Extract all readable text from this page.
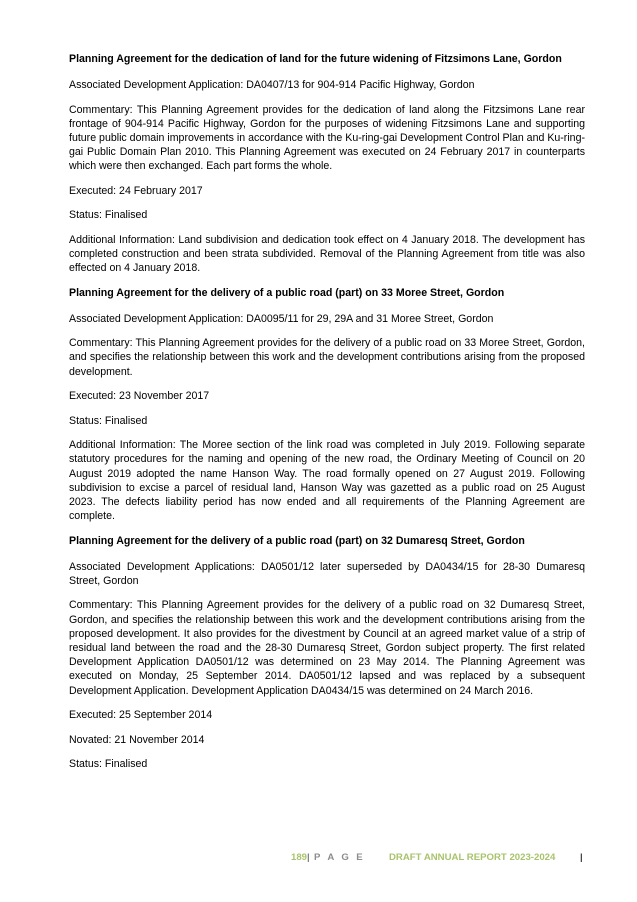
Planning Agreement for the dedication of land for the future widening of Fitzsimons Lane, Gordon

Associated Development Application: DA0407/13 for 904-914 Pacific Highway, Gordon

Commentary: This Planning Agreement provides for the dedication of land along the Fitzsimons Lane rear frontage of 904-914 Pacific Highway, Gordon for the purposes of widening Fitzsimons Lane and supporting future public domain improvements in accordance with the Ku-ring-gai Development Control Plan and Ku-ring-gai Public Domain Plan 2010. This Planning Agreement was executed on 24 February 2017 in counterparts which were then exchanged. Each part forms the whole.

Executed: 24 February 2017

Status: Finalised

Additional Information: Land subdivision and dedication took effect on 4 January 2018. The development has completed construction and been strata subdivided. Removal of the Planning Agreement from title was also effected on 4 January 2018.

Planning Agreement for the delivery of a public road (part) on 33 Moree Street, Gordon

Associated Development Application: DA0095/11 for 29, 29A and 31 Moree Street, Gordon

Commentary: This Planning Agreement provides for the delivery of a public road on 33 Moree Street, Gordon, and specifies the relationship between this work and the development contributions arising from the proposed development.

Executed: 23 November 2017

Status: Finalised

Additional Information: The Moree section of the link road was completed in July 2019. Following separate statutory procedures for the naming and opening of the new road, the Ordinary Meeting of Council on 20 August 2019 adopted the name Hanson Way. The road formally opened on 27 August 2019. Following subdivision to excise a parcel of residual land, Hanson Way was gazetted as a public road on 25 August 2023. The defects liability period has now ended and all requirements of the Planning Agreement are complete.

Planning Agreement for the delivery of a public road (part) on 32 Dumaresq Street, Gordon

Associated Development Applications: DA0501/12 later superseded by DA0434/15 for 28-30 Dumaresq Street, Gordon

Commentary: This Planning Agreement provides for the delivery of a public road on 32 Dumaresq Street, Gordon, and specifies the relationship between this work and the development contributions arising from the proposed development. It also provides for the divestment by Council at an agreed market value of a strip of residual land between the road and the 28-30 Dumaresq Street, Gordon subject property. The first related Development Application DA0501/12 was determined on 23 May 2014. The Planning Agreement was executed on Monday, 25 September 2014. DA0501/12 lapsed and was replaced by a subsequent Development Application. Development Application DA0434/15 was determined on 24 March 2016.

Executed: 25 September 2014

Novated: 21 November 2014

Status: Finalised

189| P A G E DRAFT ANNUAL REPORT 2023-2024	|
